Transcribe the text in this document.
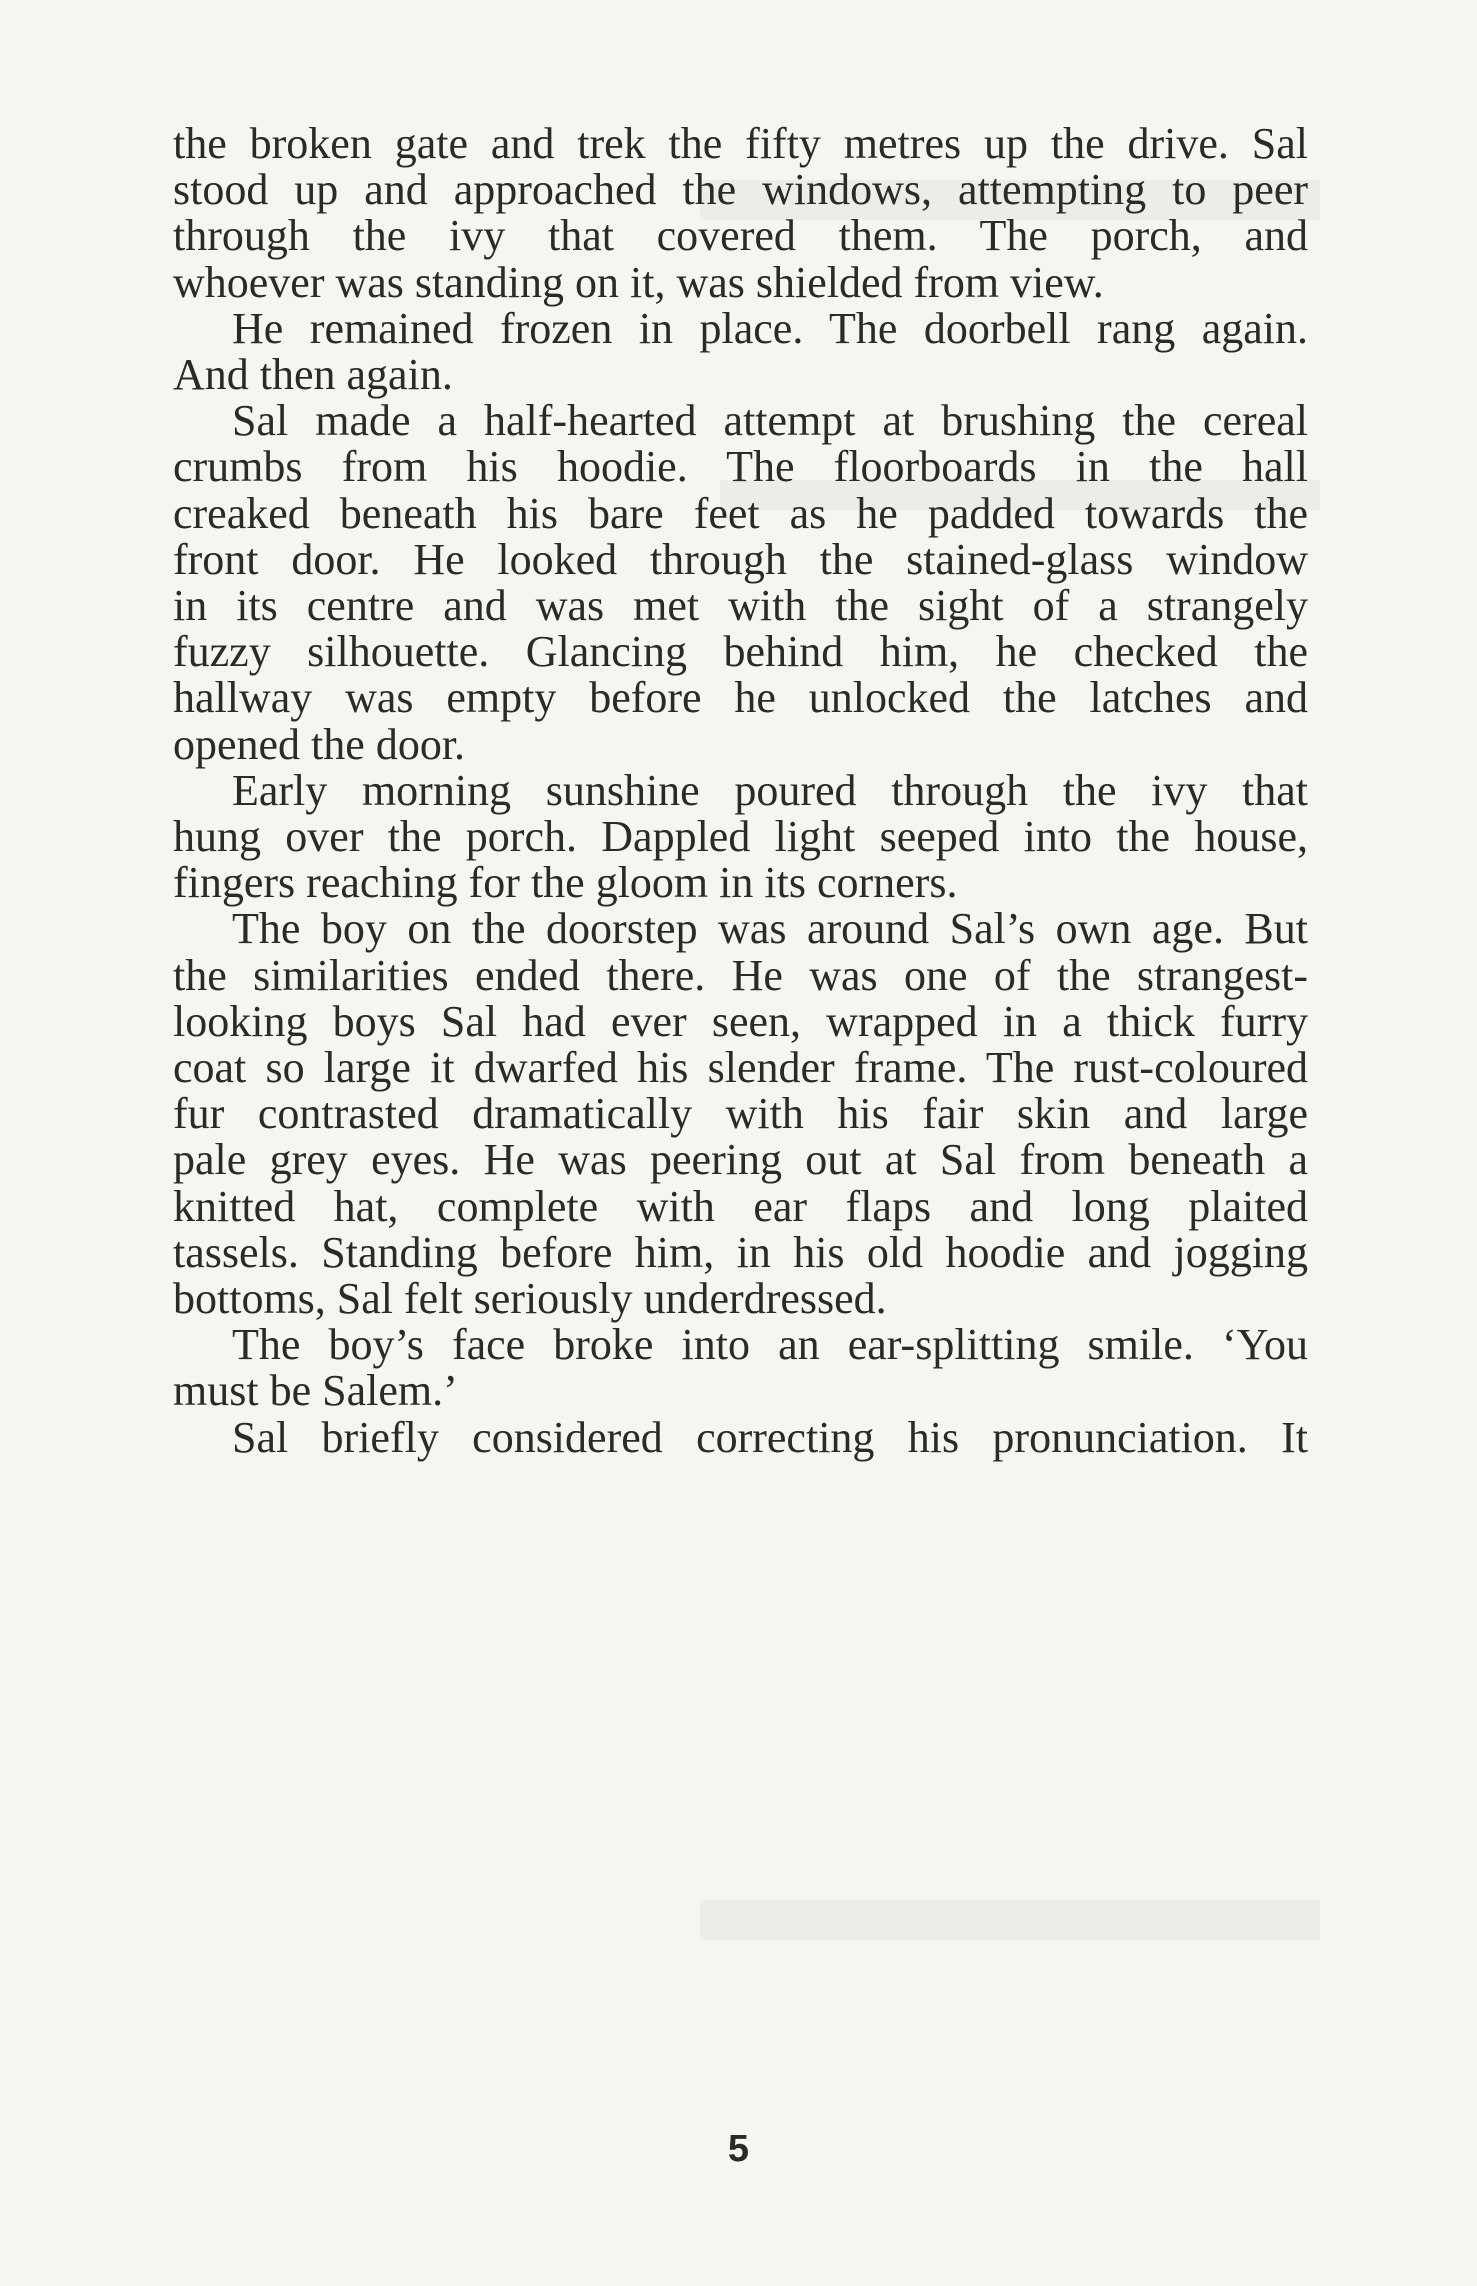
the broken gate and trek the fifty metres up the drive. Sal
stood up and approached the windows, attempting to peer
through the ivy that covered them. The porch, and
whoever was standing on it, was shielded from view.
He remained frozen in place. The doorbell rang again.
And then again.
Sal made a half-hearted attempt at brushing the cereal
crumbs from his hoodie. The floorboards in the hall
creaked beneath his bare feet as he padded towards the
front door. He looked through the stained-glass window
in its centre and was met with the sight of a strangely
fuzzy silhouette. Glancing behind him, he checked the
hallway was empty before he unlocked the latches and
opened the door.
Early morning sunshine poured through the ivy that
hung over the porch. Dappled light seeped into the house,
fingers reaching for the gloom in its corners.
The boy on the doorstep was around Sal’s own age. But
the similarities ended there. He was one of the strangest-
looking boys Sal had ever seen, wrapped in a thick furry
coat so large it dwarfed his slender frame. The rust-coloured
fur contrasted dramatically with his fair skin and large
pale grey eyes. He was peering out at Sal from beneath a
knitted hat, complete with ear flaps and long plaited
tassels. Standing before him, in his old hoodie and jogging
bottoms, Sal felt seriously underdressed.
The boy’s face broke into an ear-splitting smile. ‘You
must be Salem.’
Sal briefly considered correcting his pronunciation. It
5
